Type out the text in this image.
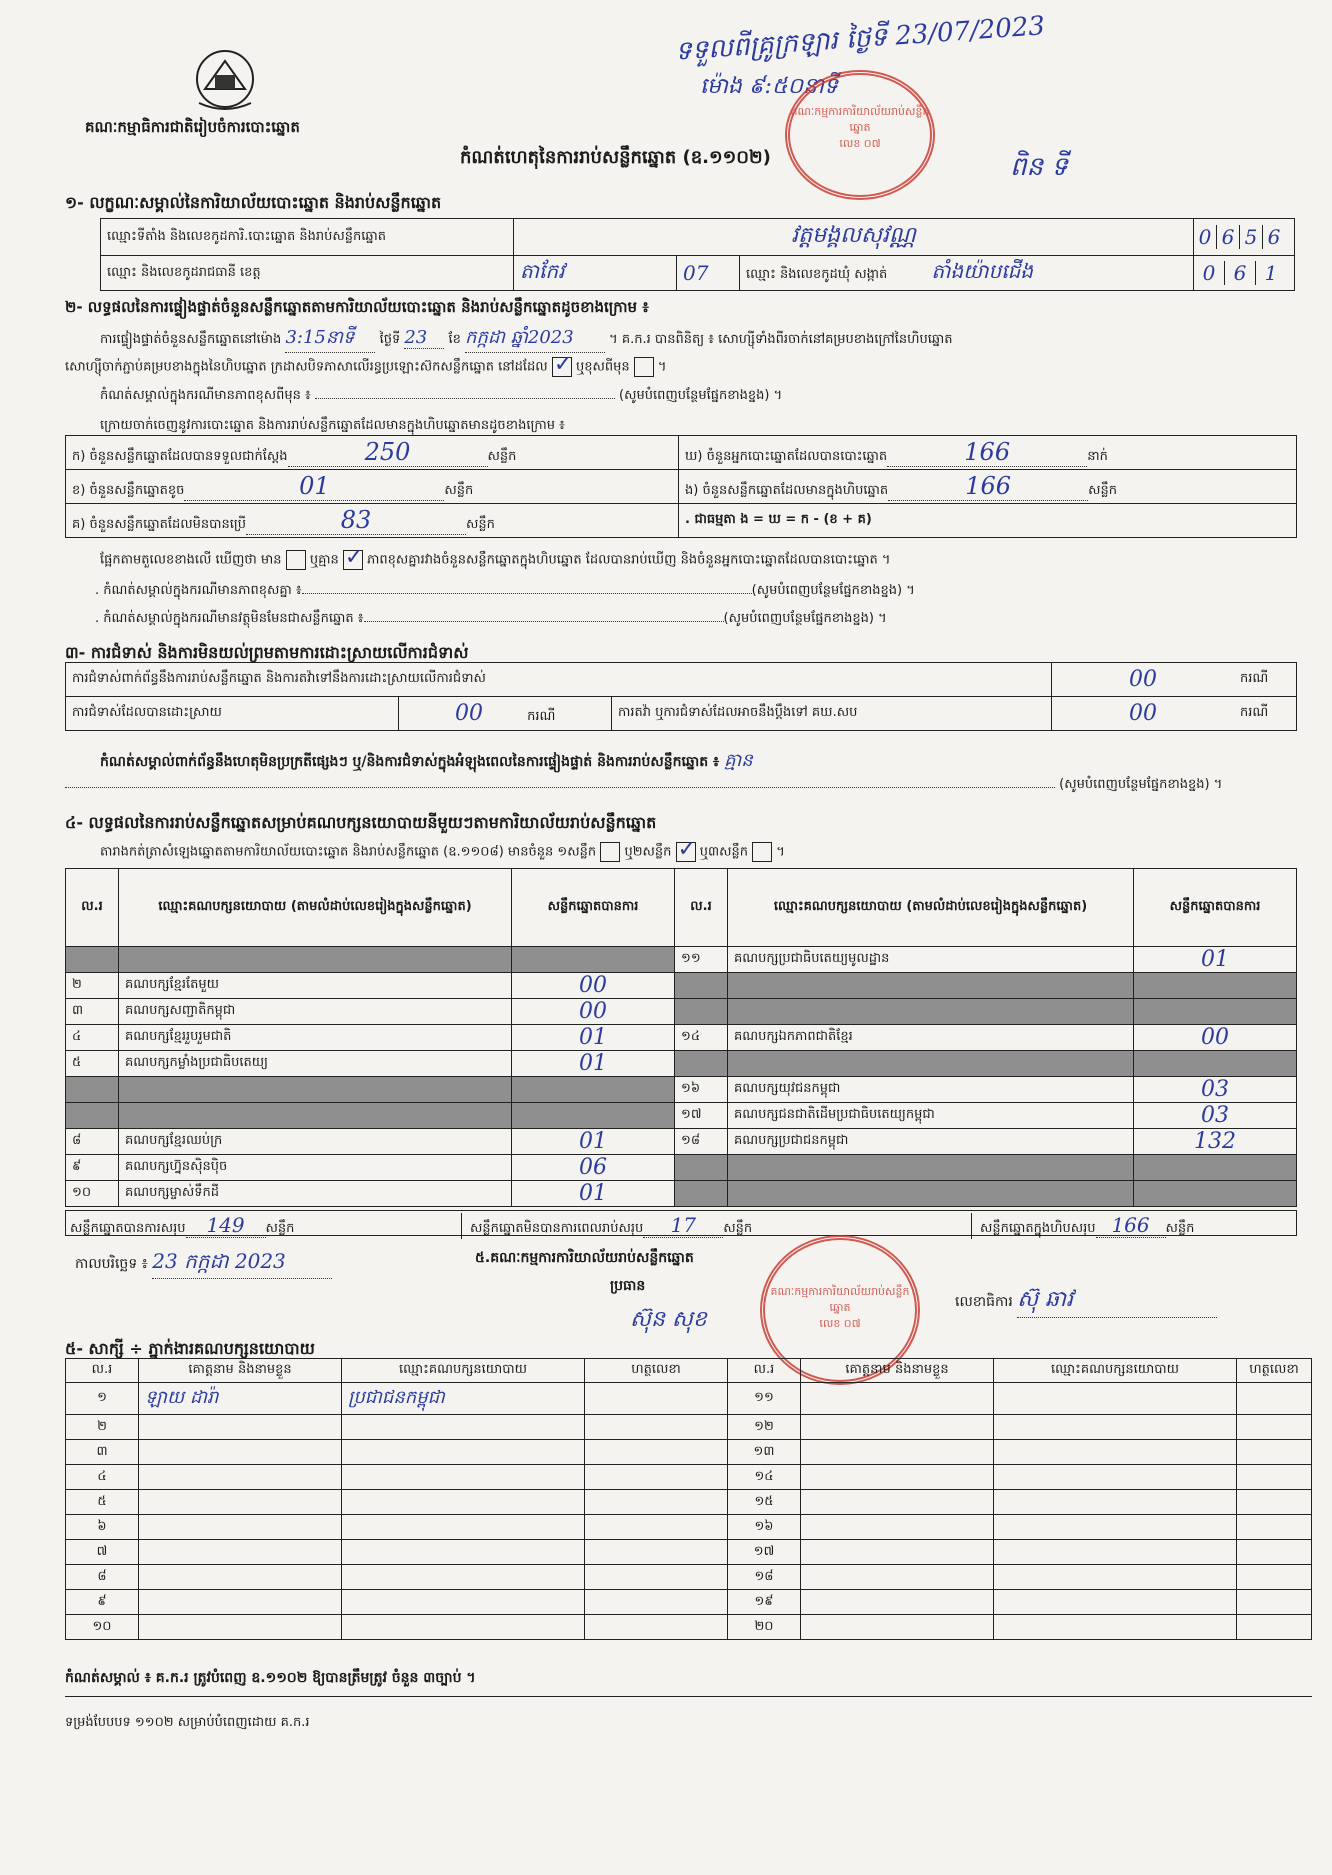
គណៈកម្មាធិការជាតិរៀបចំការបោះឆ្នោត
ទទួលពីគ្រូក្រឡារ ថ្ងៃទី 23/07/2023
ម៉ោង ៩:៥០នាទី
ពិន ទី
គណៈកម្មការការិយាល័យរាប់សន្លឹកឆ្នោត
លេខ ០៧
កំណត់ហេតុនៃការរាប់សន្លឹកឆ្នោត (ឧ.១១០២)
១- លក្ខណៈសម្គាល់នៃការិយាល័យបោះឆ្នោត និងរាប់សន្លឹកឆ្នោត
ឈ្មោះទីតាំង និងលេខកូដការិ.បោះឆ្នោត និងរាប់សន្លឹកឆ្នោត	វត្តមង្គលសុវណ្ណ			0 6 5 6
ឈ្មោះ និងលេខកូដរាជធានី ខេត្ត	តាកែវ	07	ឈ្មោះ និងលេខកូដឃុំ សង្កាត់ តាំងយ៉ាបជើង	0 6 1
២- លទ្ធផលនៃការផ្ទៀងផ្ទាត់ចំនួនសន្លឹកឆ្នោតតាមការិយាល័យបោះឆ្នោត និងរាប់សន្លឹកឆ្នោតដូចខាងក្រោម ៖
ការផ្ទៀងផ្ទាត់ចំនួនសន្លឹកឆ្នោតនៅម៉ោង 3:15នាទី ថ្ងៃទី 23 ខែ កក្កដា ឆ្នាំ2023	។ គ.ក.រ បានពិនិត្យ ៖ សោហ្ស៊ីទាំងពីរចាក់នៅគម្របខាងក្រៅនៃហិបឆ្នោត
សោហ្ស៊ីចាក់ភ្ជាប់គម្របខាងក្នុងនៃហិបឆ្នោត ក្រដាសបិទភាសាលើរន្ធប្រឡោះស៊កសន្លឹកឆ្នោត នៅដដែល ✓ ឬខុសពីមុន  ។
កំណត់សម្គាល់ក្នុងករណីមានភាពខុសពីមុន ៖	(សូមបំពេញបន្ថែមផ្នែកខាងខ្នង) ។
ក្រោយចាក់ចេញនូវការបោះឆ្នោត និងការរាប់សន្លឹកឆ្នោតដែលមានក្នុងហិបឆ្នោតមានដូចខាងក្រោម ៖
ក) ចំនួនសន្លឹកឆ្នោតដែលបានទទួលជាក់ស្តែង 250 សន្លឹក	ឃ) ចំនួនអ្នកបោះឆ្នោតដែលបានបោះឆ្នោត 166 នាក់
ខ) ចំនួនសន្លឹកឆ្នោតខូច 01 សន្លឹក	ង) ចំនួនសន្លឹកឆ្នោតដែលមានក្នុងហិបឆ្នោត 166 សន្លឹក
គ) ចំនួនសន្លឹកឆ្នោតដែលមិនបានប្រើ 83 សន្លឹក	. ជាធម្មតា ង = ឃ = ក - (ខ + គ)
ផ្អែកតាមតួលេខខាងលើ ឃើញថា មាន ឬគ្មាន ✓ ភាពខុសគ្នារវាងចំនួនសន្លឹកឆ្នោតក្នុងហិបឆ្នោត ដែលបានរាប់ឃើញ និងចំនួនអ្នកបោះឆ្នោតដែលបានបោះឆ្នោត ។
. កំណត់សម្គាល់ក្នុងករណីមានភាពខុសគ្នា ៖	(សូមបំពេញបន្ថែមផ្នែកខាងខ្នង) ។
. កំណត់សម្គាល់ក្នុងករណីមានវត្ថុមិនមែនជាសន្លឹកឆ្នោត ៖	(សូមបំពេញបន្ថែមផ្នែកខាងខ្នង) ។
៣- ការជំទាស់ និងការមិនយល់ព្រមតាមការដោះស្រាយលើការជំទាស់
ការជំទាស់ពាក់ព័ន្ធនឹងការរាប់សន្លឹកឆ្នោត និងការតវ៉ាទៅនឹងការដោះស្រាយលើការជំទាស់			00	ករណី
ការជំទាស់ដែលបានដោះស្រាយ	00 ករណី	ការតវ៉ា ឬការជំទាស់ដែលអាចនឹងប្តឹងទៅ គឃ.សប	00	ករណី
កំណត់សម្គាល់ពាក់ព័ន្ធនឹងហេតុមិនប្រក្រតីផ្សេងៗ ឬ/និងការជំទាស់ក្នុងអំឡុងពេលនៃការផ្ទៀងផ្ទាត់ និងការរាប់សន្លឹកឆ្នោត ៖ គ្មាន
(សូមបំពេញបន្ថែមផ្នែកខាងខ្នង) ។
៤- លទ្ធផលនៃការរាប់សន្លឹកឆ្នោតសម្រាប់គណបក្សនយោបាយនីមួយៗតាមការិយាល័យរាប់សន្លឹកឆ្នោត
តារាងកត់ត្រាសំឡេងឆ្នោតតាមការិយាល័យបោះឆ្នោត និងរាប់សន្លឹកឆ្នោត (ឧ.១១០៨) មានចំនួន ១សន្លឹក ឬ២សន្លឹក ✓ ឬ៣សន្លឹក  ។
ល.រ	ឈ្មោះគណបក្សនយោបាយ (តាមលំដាប់លេខរៀងក្នុងសន្លឹកឆ្នោត)	សន្លឹកឆ្នោតបានការ	ល.រ	ឈ្មោះគណបក្សនយោបាយ (តាមលំដាប់លេខរៀងក្នុងសន្លឹកឆ្នោត)	សន្លឹកឆ្នោតបានការ
			១១	គណបក្សប្រជាធិបតេយ្យមូលដ្ឋាន	01
២	គណបក្សខ្មែរតែមួយ	00			
៣	គណបក្សសញ្ជាតិកម្ពុជា	00			
៤	គណបក្សខ្មែររួបរួមជាតិ	01	១៤	គណបក្សឯកភាពជាតិខ្មែរ	00
៥	គណបក្សកម្លាំងប្រជាធិបតេយ្យ	01			
			១៦	គណបក្សយុវជនកម្ពុជា	03
			១៧	គណបក្សជនជាតិដើមប្រជាធិបតេយ្យកម្ពុជា	03
៨	គណបក្សខ្មែរឈប់ក្រ	01	១៨	គណបក្សប្រជាជនកម្ពុជា	132
៩	គណបក្សហ្វ៊ុនស៊ិនប៉ិច	06			
១០	គណបក្សម្ចាស់ទឹកដី	01			
សន្លឹកឆ្នោតបានការសរុប 149 សន្លឹក	សន្លឹកឆ្នោតមិនបានការពេលរាប់សរុប 17 សន្លឹក	សន្លឹកឆ្នោតក្នុងហិបសរុប 166 សន្លឹក
កាលបរិច្ឆេទ ៖ 23 កក្កដា 2023	៥.គណៈកម្មការការិយាល័យរាប់សន្លឹកឆ្នោត
ប្រធាន
ស៊ុន សុខ
គណៈកម្មការការិយាល័យរាប់សន្លឹកឆ្នោត
លេខ ០៧
លេខាធិការ ស៊ុ ឆាវ
៥- សាក្សី ÷ ភ្នាក់ងារគណបក្សនយោបាយ
ល.រ	គោត្តនាម និងនាមខ្លួន	ឈ្មោះគណបក្សនយោបាយ	ហត្ថលេខា	ល.រ	គោត្តនាម និងនាមខ្លួន	ឈ្មោះគណបក្សនយោបាយ	ហត្ថលេខា
១	ឡាយ ដារ៉ា	ប្រជាជនកម្ពុជា		១១			
២				១២			
៣				១៣			
៤				១៤			
៥				១៥			
៦				១៦			
៧				១៧			
៨				១៨			
៩				១៩			
១០				២០			
កំណត់សម្គាល់ ៖ គ.ក.រ ត្រូវបំពេញ ឧ.១១០២ ឱ្យបានត្រឹមត្រូវ ចំនួន ៣ច្បាប់ ។
ទម្រង់បែបបទ ១១០២ សម្រាប់បំពេញដោយ គ.ក.រ
